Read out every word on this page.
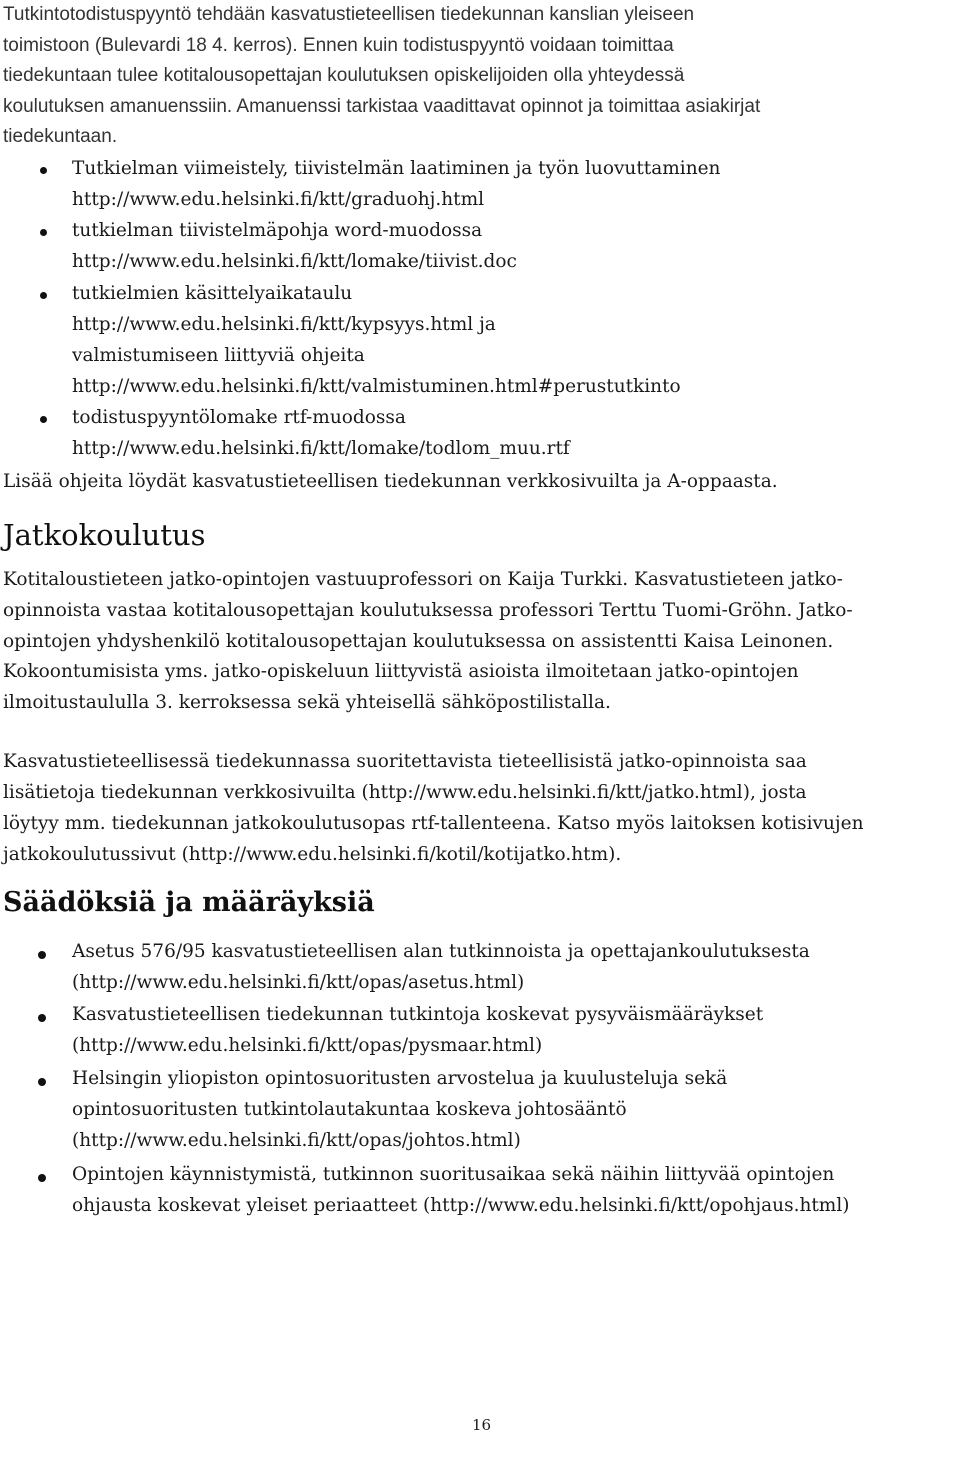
Tutkintotodistuspyyntö tehdään kasvatustieteellisen tiedekunnan kanslian yleiseen
toimistoon (Bulevardi 18 4. kerros). Ennen kuin todistuspyyntö voidaan toimittaa
tiedekuntaan tulee kotitalousopettajan koulutuksen opiskelijoiden olla yhteydessä
koulutuksen amanuenssiin. Amanuenssi tarkistaa vaadittavat opinnot ja toimittaa asiakirjat
tiedekuntaan.
Tutkielman viimeistely, tiivistelmän laatiminen ja työn luovuttaminen
http://www.edu.helsinki.fi/ktt/graduohj.html
tutkielman tiivistelmäpohja word-muodossa
http://www.edu.helsinki.fi/ktt/lomake/tiivist.doc
tutkielmien käsittelyaikataulu
http://www.edu.helsinki.fi/ktt/kypsyys.html ja
valmistumiseen liittyviä ohjeita
http://www.edu.helsinki.fi/ktt/valmistuminen.html#perustutkinto
todistuspyyntölomake rtf-muodossa
http://www.edu.helsinki.fi/ktt/lomake/todlom_muu.rtf
Lisää ohjeita löydät kasvatustieteellisen tiedekunnan verkkosivuilta ja A-oppaasta.
Jatkokoulutus
Kotitaloustieteen jatko-opintojen vastuuprofessori on Kaija Turkki. Kasvatustieteen jatko-
opinnoista vastaa kotitalousopettajan koulutuksessa professori Terttu Tuomi-Gröhn. Jatko-
opintojen yhdyshenkilö kotitalousopettajan koulutuksessa on assistentti Kaisa Leinonen.
Kokoontumisista yms. jatko-opiskeluun liittyvistä asioista ilmoitetaan jatko-opintojen
ilmoitustaululla 3. kerroksessa sekä yhteisellä sähköpostilistalla.
Kasvatustieteellisessä tiedekunnassa suoritettavista tieteellisistä jatko-opinnoista saa
lisätietoja tiedekunnan verkkosivuilta (http://www.edu.helsinki.fi/ktt/jatko.html), josta
löytyy mm. tiedekunnan jatkokoulutusopas rtf-tallenteena. Katso myös laitoksen kotisivujen
jatkokoulutussivut (http://www.edu.helsinki.fi/kotil/kotijatko.htm).
Säädöksiä ja määräyksiä
Asetus 576/95 kasvatustieteellisen alan tutkinnoista ja opettajankoulutuksesta
(http://www.edu.helsinki.fi/ktt/opas/asetus.html)
Kasvatustieteellisen tiedekunnan tutkintoja koskevat pysyväismääräykset
(http://www.edu.helsinki.fi/ktt/opas/pysmaar.html)
Helsingin yliopiston opintosuoritusten arvostelua ja kuulusteluja sekä
opintosuoritusten tutkintolautakuntaa koskeva johtosääntö
(http://www.edu.helsinki.fi/ktt/opas/johtos.html)
Opintojen käynnistymistä, tutkinnon suoritusaikaa sekä näihin liittyvää opintojen
ohjausta koskevat yleiset periaatteet (http://www.edu.helsinki.fi/ktt/opohjaus.html)
16
